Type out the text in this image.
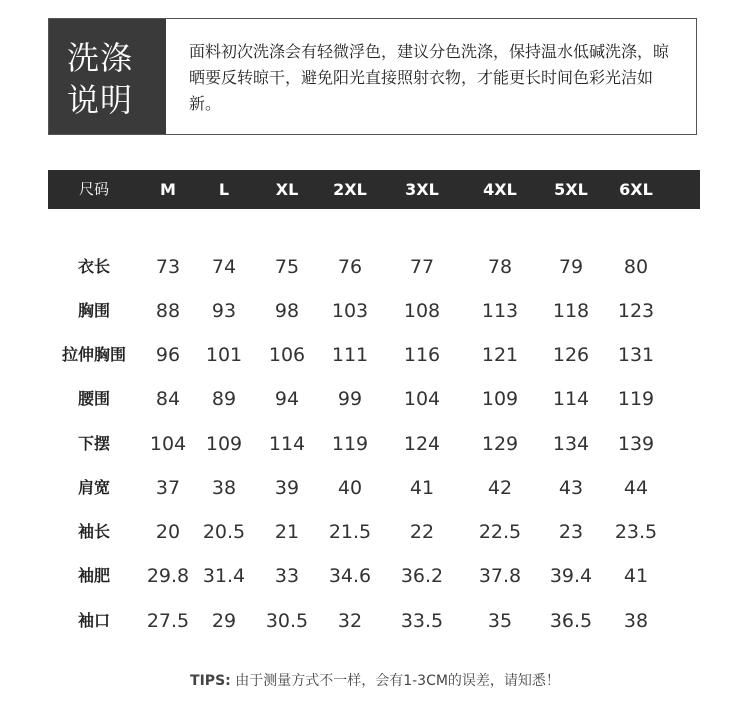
洗涤
说明
面料初次洗涤会有轻微浮色，建议分色洗涤，保持温水低碱洗涤，晾晒要反转晾干，避免阳光直接照射衣物，才能更长时间色彩光洁如新。
尺码	M	L	XL 2XL 3XL	4XL 5XL 6XL
衣长 73 74 75 76	77	78 79 80
胸围 88 93 98 103 108 113 118 123
拉伸胸围 96 101 106 111 116 121 126 131
腰围 84 89 94 99 104 109 114 119
下摆 104 109 114 119 124 129 134 139
肩宽 37 38 39 40	41	42 43 44
袖长 20 20.5 21 21.5 22 22.5 23 23.5
袖肥 29.8 31.4 33 34.6 36.2 37.8 39.4 41
袖口 27.5 29 30.5 32 33.5 35 36.5 38
TIPS: 由于测量方式不一样，会有1-3CM的误差，请知悉！
